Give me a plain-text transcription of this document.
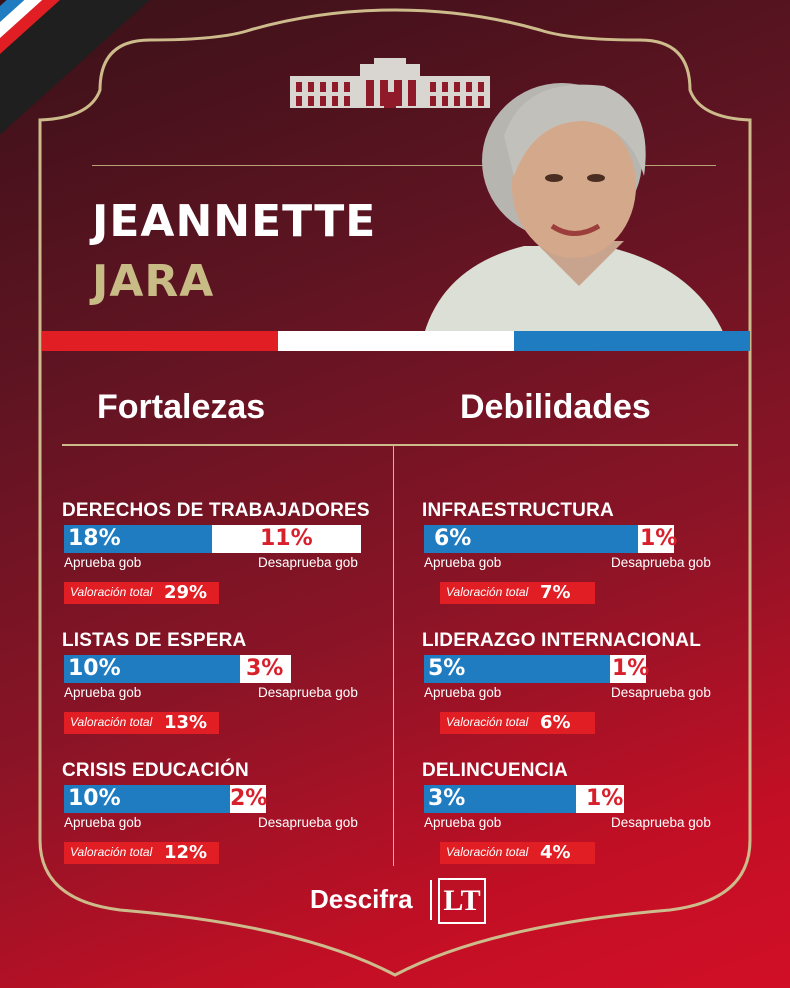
JEANNETTE
JARA
Fortalezas	Debilidades
DERECHOS DE TRABAJADORES
18%	11%
Aprueba gob	Desaprueba gob
Valoración total 29%
LISTAS DE ESPERA
10%	3%
Aprueba gob	Desaprueba gob
Valoración total 13%
CRISIS EDUCACIÓN
10%	2%
Aprueba gob	Desaprueba gob
Valoración total 12%
INFRAESTRUCTURA
6%	1%
Aprueba gob	Desaprueba gob
Valoración total 7%
LIDERAZGO INTERNACIONAL
5%	1%
Aprueba gob	Desaprueba gob
Valoración total 6%
DELINCUENCIA
3%	1%
Aprueba gob	Desaprueba gob
Valoración total 4%
Descifra LT
